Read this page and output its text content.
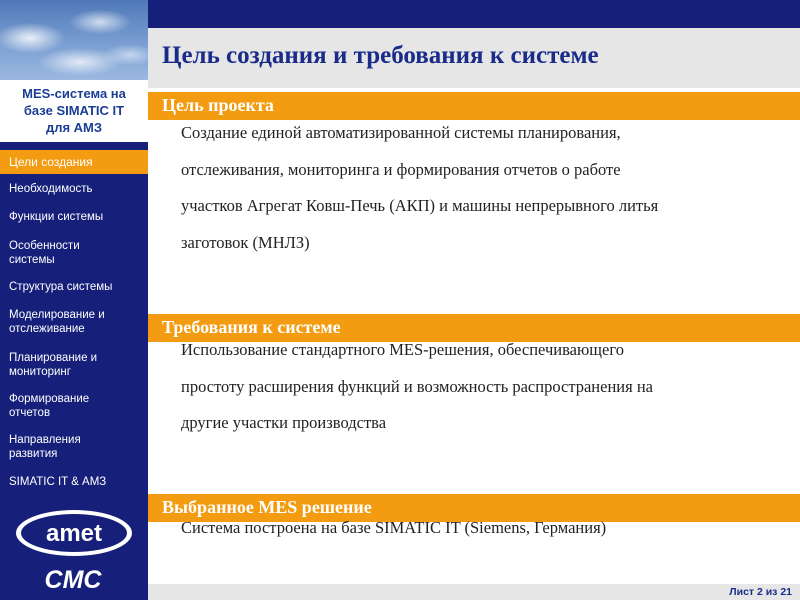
MES-система на
базе SIMATIC IT
для АМЗ
Цели создания
Необходимость
Функции системы
Особенности
системы
Структура системы
Моделирование и
отслеживание
Планирование и
мониторинг
Формирование
отчетов
Направления
развития
SIMATIC IT & АМЗ
amet
CMC
Цель создания и требования к системе
Цель проекта
Создание единой автоматизированной системы планирования,
отслеживания, мониторинга и формирования отчетов о работе
участков Агрегат Ковш-Печь (АКП) и машины непрерывного литья
заготовок (МНЛЗ)
Требования к системе
Использование стандартного MES-решения, обеспечивающего
простоту расширения функций и возможность распространения на
другие участки производства
Выбранное MES решение
Система построена на базе SIMATIC IT (Siemens, Германия)
Лист 2 из 21
